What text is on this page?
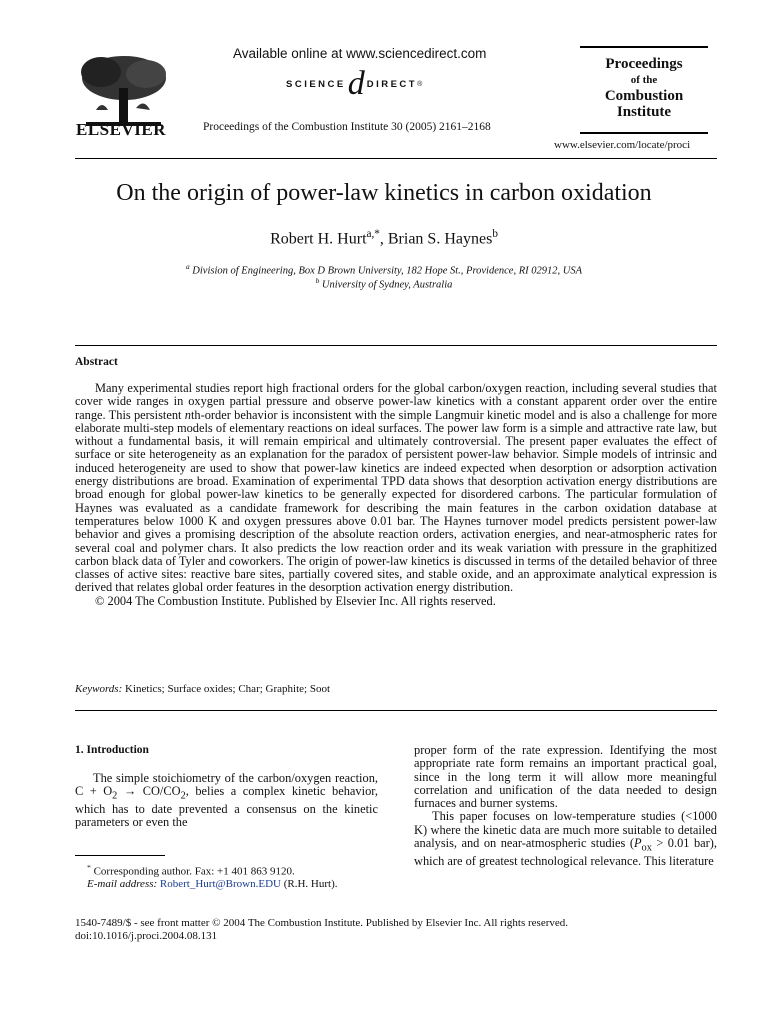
ELSEVIER
Available online at www.sciencedirect.com
SCIENCE d DIRECT ®
Proceedings of the Combustion Institute 30 (2005) 2161–2168
Proceedings
of the
Combustion
Institute
www.elsevier.com/locate/proci
On the origin of power-law kinetics in carbon oxidation
Robert H. Hurt$^{a,*}$, Brian S. Haynes$^b$
$^a$ Division of Engineering, Box D Brown University, 182 Hope St., Providence, RI 02912, USA
$^b$ University of Sydney, Australia
Abstract

Many experimental studies report high fractional orders for the global carbon/oxygen reaction, including several studies that cover wide ranges in oxygen partial pressure and observe power-law kinetics with a constant apparent order over the entire range. This persistent nth-order behavior is inconsistent with the simple Langmuir kinetic model and is also a challenge for more elaborate multi-step models of elementary reactions on ideal surfaces. The power law form is a simple and attractive rate law, but without a fundamental basis, it will remain empirical and ultimately controversial. The present paper evaluates the effect of surface or site heterogeneity as an explanation for the paradox of persistent power-law behavior. Simple models of intrinsic and induced heterogeneity are used to show that power-law kinetics are indeed expected when desorption or adsorption activation energy distributions are broad. Examination of experimental TPD data shows that desorption activation energy distributions are broad enough for global power-law kinetics to be generally expected for disordered carbons. The particular formulation of Haynes was evaluated as a candidate framework for describing the main features in the carbon oxidation database at temperatures below 1000 K and oxygen pressures above 0.01 bar. The Haynes turnover model predicts persistent power-law behavior and gives a promising description of the absolute reaction orders, activation energies, and near-atmospheric rates for several coal and polymer chars. It also predicts the low reaction order and its weak variation with pressure in the graphitized carbon black data of Tyler and coworkers. The origin of power-law kinetics is discussed in terms of the detailed behavior of three classes of active sites: reactive bare sites, partially covered sites, and stable oxide, and an approximate analytical expression is derived that relates global order features in the desorption activation energy distribution.

© 2004 The Combustion Institute. Published by Elsevier Inc. All rights reserved.

Keywords: Kinetics; Surface oxides; Char; Graphite; Soot
1. Introduction

The simple stoichiometry of the carbon/oxygen reaction, $C + O_2 \to CO/CO_2$, belies a complex kinetic behavior, which has to date prevented a consensus on the kinetic parameters or even the

proper form of the rate expression. Identifying the most appropriate rate form remains an important practical goal, since in the long term it will allow more meaningful correlation and unification of the data needed to design furnaces and burner systems.

This paper focuses on low-temperature studies (<1000 K) where the kinetic data are much more suitable to detailed analysis, and on near-atmospheric studies ($P_{ox} > 0.01$ bar), which are of greatest technological relevance. This literature

* Corresponding author. Fax: +1 401 863 9120.

E-mail address: Robert_Hurt@Brown.EDU (R.H. Hurt).

1540-7489/$ - see front matter © 2004 The Combustion Institute. Published by Elsevier Inc. All rights reserved.
doi:10.1016/j.proci.2004.08.131
